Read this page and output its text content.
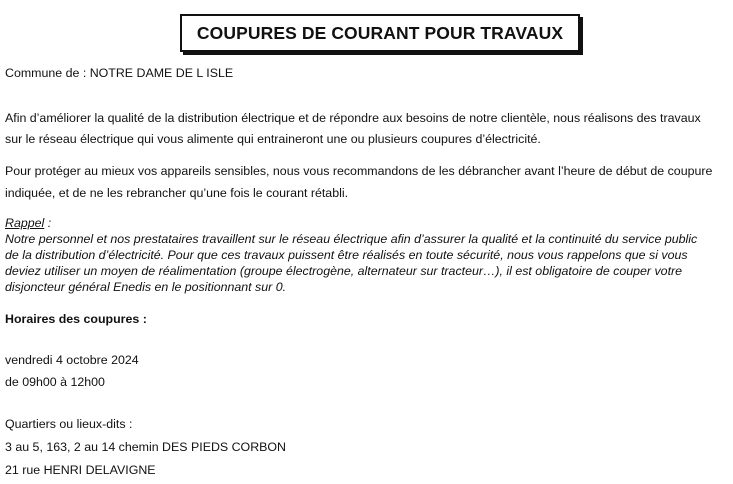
COUPURES DE COURANT POUR TRAVAUX
Commune de : NOTRE DAME DE L ISLE
Afin d’améliorer la qualité de la distribution électrique et de répondre aux besoins de notre clientèle, nous réalisons des travaux
sur le réseau électrique qui vous alimente qui entraineront une ou plusieurs coupures d’électricité.
Pour protéger au mieux vos appareils sensibles, nous vous recommandons de les débrancher avant l’heure de début de coupure
indiquée, et de ne les rebrancher qu’une fois le courant rétabli.
Rappel :
Notre personnel et nos prestataires travaillent sur le réseau électrique afin d’assurer la qualité et la continuité du service public
de la distribution d’électricité. Pour que ces travaux puissent être réalisés en toute sécurité, nous vous rappelons que si vous
deviez utiliser un moyen de réalimentation (groupe électrogène, alternateur sur tracteur…), il est obligatoire de couper votre
disjoncteur général Enedis en le positionnant sur 0.
Horaires des coupures :
vendredi 4 octobre 2024
de 09h00 à 12h00
Quartiers ou lieux-dits :
3 au 5, 163, 2 au 14 chemin DES PIEDS CORBON
21 rue HENRI DELAVIGNE
